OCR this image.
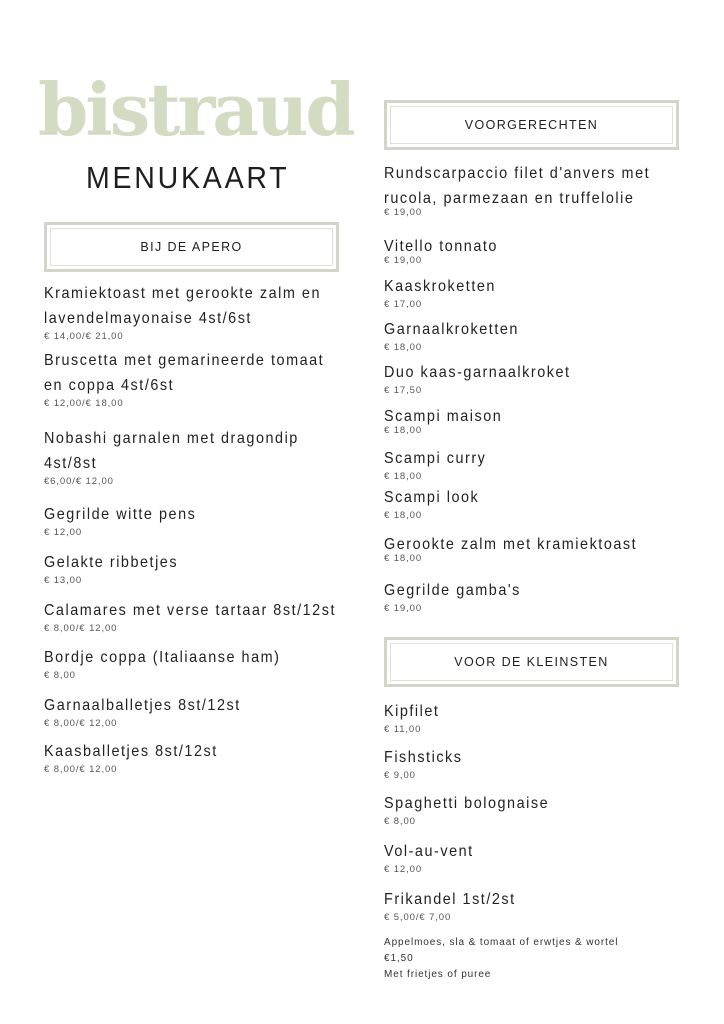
bistraud
MENUKAART
BIJ DE APERO
Kramiektoast met gerookte zalm en
lavendelmayonaise 4st/6st
€ 14,00/€ 21,00
Bruscetta met gemarineerde tomaat
en coppa 4st/6st
€ 12,00/€ 18,00
Nobashi garnalen met dragondip
4st/8st
€6,00/€ 12,00
Gegrilde witte pens
€ 12,00
Gelakte ribbetjes
€ 13,00
Calamares met verse tartaar 8st/12st
€ 8,00/€ 12,00
Bordje coppa (Italiaanse ham)
€ 8,00
Garnaalballetjes 8st/12st
€ 8,00/€ 12,00
Kaasballetjes 8st/12st
€ 8,00/€ 12,00
VOORGERECHTEN
Rundscarpaccio filet d'anvers met
rucola, parmezaan en truffelolie
€ 19,00
Vitello tonnato
€ 19,00
Kaaskroketten
€ 17,00
Garnaalkroketten
€ 18,00
Duo kaas-garnaalkroket
€ 17,50
Scampi maison
€ 18,00
Scampi curry
€ 18,00
Scampi look
€ 18,00
Gerookte zalm met kramiektoast
€ 18,00
Gegrilde gamba's
€ 19,00
VOOR DE KLEINSTEN
Kipfilet
€ 11,00
Fishsticks
€ 9,00
Spaghetti bolognaise
€ 8,00
Vol-au-vent
€ 12,00
Frikandel 1st/2st
€ 5,00/€ 7,00
Appelmoes, sla & tomaat of erwtjes & wortel
€1,50
Met frietjes of puree
